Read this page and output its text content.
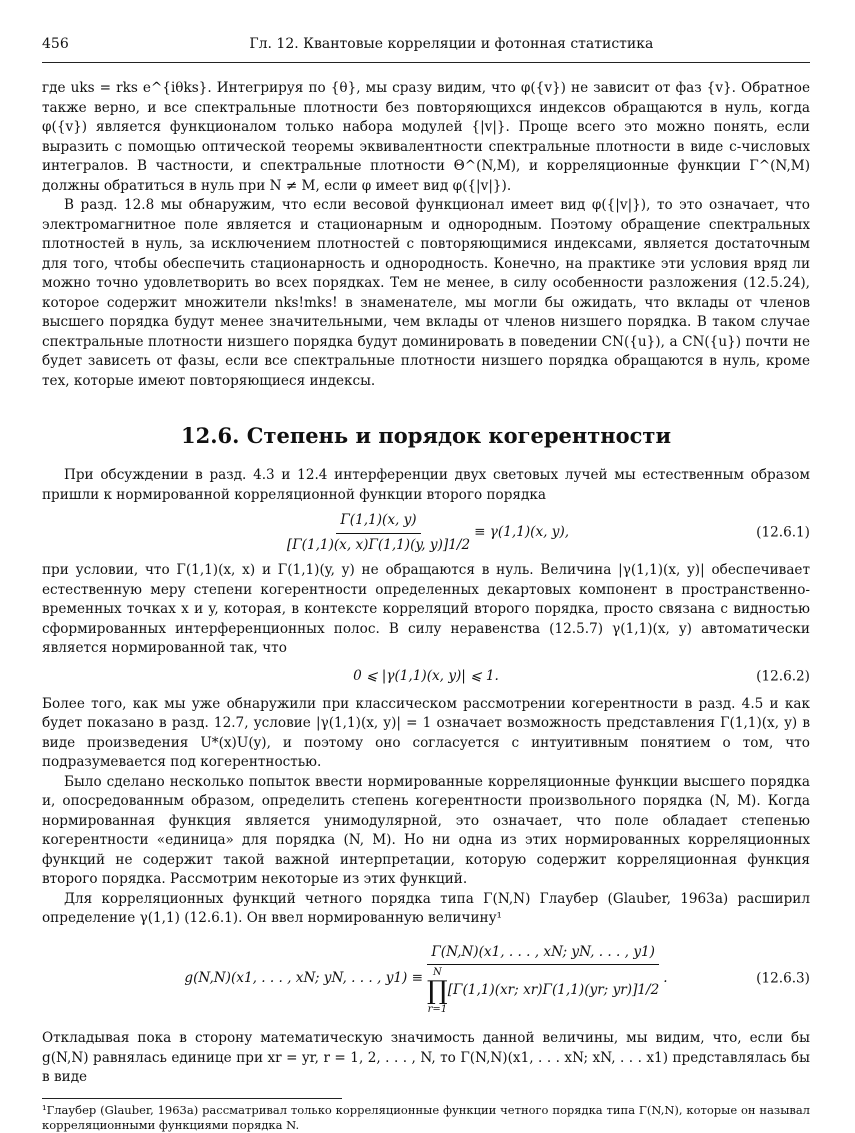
456	Гл. 12. Квантовые корреляции и фотонная статистика

где uks = rks e^{iθks}. Интегрируя по {θ}, мы сразу видим, что φ({v}) не зависит от фаз {v}. Обратное также верно, и все спектральные плотности без повторяющихся индексов обращаются в нуль, когда φ({v}) является функционалом только набора модулей {|v|}. Проще всего это можно понять, если выразить с помощью оптической теоремы эквивалентности спектральные плотности в виде c-числовых интегралов. В частности, и спектральные плотности Θ^(N,M), и корреляционные функции Γ^(N,M) должны обратиться в нуль при N ≠ M, если φ имеет вид φ({|v|}).

В разд. 12.8 мы обнаружим, что если весовой функционал имеет вид φ({|v|}), то это означает, что электромагнитное поле является и стационарным и однородным. Поэтому обращение спектральных плотностей в нуль, за исключением плотностей с повторяющимися индексами, является достаточным для того, чтобы обеспечить стационарность и однородность. Конечно, на практике эти условия вряд ли можно точно удовлетворить во всех порядках. Тем не менее, в силу особенности разложения (12.5.24), которое содержит множители nks!mks! в знаменателе, мы могли бы ожидать, что вклады от членов высшего порядка будут менее значительными, чем вклады от членов низшего порядка. В таком случае спектральные плотности низшего порядка будут доминировать в поведении CN({u}), а CN({u}) почти не будет зависеть от фазы, если все спектральные плотности низшего порядка обращаются в нуль, кроме тех, которые имеют повторяющиеся индексы.

12.6. Степень и порядок когерентности

При обсуждении в разд. 4.3 и 12.4 интерференции двух световых лучей мы естественным образом пришли к нормированной корреляционной функции второго порядка

$\frac{\Gamma(1,1)(x, y)}{[\Gamma(1,1)(x, x)\Gamma(1,1)(y, y)]1/2} \equiv \gamma(1,1)(x$, y),	(12.6.1)

при условии, что Γ(1,1)(x, x) и Γ(1,1)(y, y) не обращаются в нуль. Величина |γ(1,1)(x, y)| обеспечивает естественную меру степени когерентности определенных декартовых компонент в пространственно-временных точках x и y, которая, в контексте корреляций второго порядка, просто связана с видностью сформированных интерференционных полос. В силу неравенства (12.5.7) γ(1,1)(x, y) автоматически является нормированной так, что

0 ⩽ |γ(1,1)(x, y)| ⩽ 1.	(12.6.2)

Более того, как мы уже обнаружили при классическом рассмотрении когерентности в разд. 4.5 и как будет показано в разд. 12.7, условие |γ(1,1)(x, y)| = 1 означает возможность представления Γ(1,1)(x, y) в виде произведения U*(x)U(y), и поэтому оно согласуется с интуитивным понятием о том, что подразумевается под когерентностью.

Было сделано несколько попыток ввести нормированные корреляционные функции высшего порядка и, опосредованным образом, определить степень когерентности произвольного порядка (N, M). Когда нормированная функция является унимодулярной, это означает, что поле обладает степенью когерентности «единица» для порядка (N, M). Но ни одна из этих нормированных корреляционных функций не содержит такой важной интерпретации, которую содержит корреляционная функция второго порядка. Рассмотрим некоторые из этих функций.

Для корреляционных функций четного порядка типа Γ(N,N) Глаубер (Glauber, 1963a) расширил определение γ(1,1) (12.6.1). Он ввел нормированную величину¹

g(N,N)(x1, . . . , xN; yN, . . . , y1) ≡
Γ(N,N)(x1, . . . , xN; yN, . . . , y1)
N
∏
r=1
[Γ(1,1)(xr; xr)Γ(1,1)(yr; yr)]1/2
.	(12.6.3)

Откладывая пока в сторону математическую значимость данной величины, мы видим, что, если бы g(N,N) равнялась единице при xr = yr, r = 1, 2, . . . , N, то Γ(N,N)(x1, . . . xN; xN, . . . x1) представлялась бы в виде

¹Глаубер (Glauber, 1963a) рассматривал только корреляционные функции четного порядка типа Γ(N,N), которые он называл корреляционными функциями порядка N.
